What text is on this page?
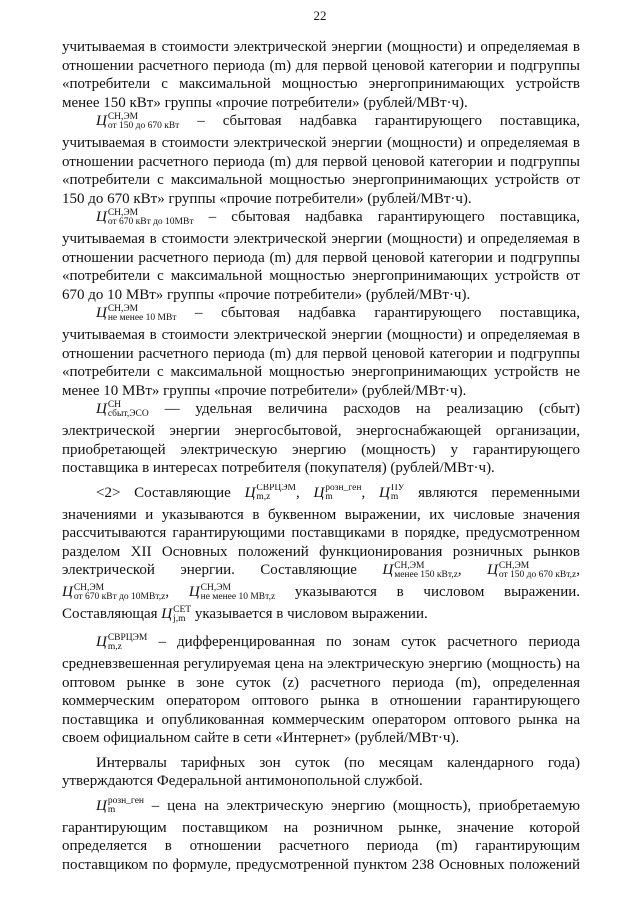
22
учитываемая в стоимости электрической энергии (мощности) и определяемая в
отношении расчетного периода (m) для первой ценовой категории и подгруппы
«потребители с максимальной мощностью энергопринимающих устройств
менее 150 кВт» группы «прочие потребители» (рублей/МВт·ч).
Ц СН,ЭМ
от 150 до 670 кВт – сбытовая надбавка гарантирующего поставщика,
учитываемая в стоимости электрической энергии (мощности) и определяемая в
отношении расчетного периода (m) для первой ценовой категории и подгруппы
«потребители с максимальной мощностью энергопринимающих устройств от
150 до 670 кВт» группы «прочие потребители» (рублей/МВт·ч).
Ц СН,ЭМ
от 670 кВт до 10МВт – сбытовая надбавка гарантирующего поставщика,
учитываемая в стоимости электрической энергии (мощности) и определяемая в
отношении расчетного периода (m) для первой ценовой категории и подгруппы
«потребители с максимальной мощностью энергопринимающих устройств от
670 до 10 МВт» группы «прочие потребители» (рублей/МВт·ч).
Ц СН,ЭМ
не менее 10 МВт – сбытовая надбавка гарантирующего поставщика,
учитываемая в стоимости электрической энергии (мощности) и определяемая в
отношении расчетного периода (m) для первой ценовой категории и подгруппы
«потребители с максимальной мощностью энергопринимающих устройств не
менее 10 МВт» группы «прочие потребители» (рублей/МВт·ч).
Ц СН
сбыт,ЭСО — удельная величина расходов на реализацию (сбыт)
электрической энергии энергосбытовой, энергоснабжающей организации,
приобретающей электрическую энергию (мощность) у гарантирующего
поставщика в интересах потребителя (покупателя) (рублей/МВт·ч).
<2> Составляющие Ц СВРЦЭМ
m,z	, Ц розн_ген
m	, Ц ПУ
m	являются переменными
значениями и указываются в буквенном выражении, их числовые значения
рассчитываются гарантирующими поставщиками в порядке, предусмотренном
разделом XII Основных положений функционирования розничных рынков
электрической энергии. Составляющие Ц СН,ЭМ
менее 150 кВт,z , Ц СН,ЭМ
от 150 до 670 кВт,z ,
Ц СН,ЭМ
от 670 кВт до 10МВт,z , Ц СН,ЭМ
не менее 10 МВт,z указываются в числовом выражении.
Составляющая Ц СЕТ
j,m указывается в числовом выражении.
Ц СВРЦЭМ
m,z	– дифференцированная по зонам суток расчетного периода
средневзвешенная регулируемая цена на электрическую энергию (мощность) на
оптовом рынке в зоне суток (z) расчетного периода (m), определенная
коммерческим оператором оптового рынка в отношении гарантирующего
поставщика и опубликованная коммерческим оператором оптового рынка на
своем официальном сайте в сети «Интернет» (рублей/МВт·ч).
Интервалы тарифных зон суток (по месяцам календарного года)
утверждаются Федеральной антимонопольной службой.
Ц розн_ген
m	– цена на электрическую энергию (мощность), приобретаемую
гарантирующим поставщиком на розничном рынке, значение которой
определяется в отношении расчетного периода (m) гарантирующим
поставщиком по формуле, предусмотренной пунктом 238 Основных положений
